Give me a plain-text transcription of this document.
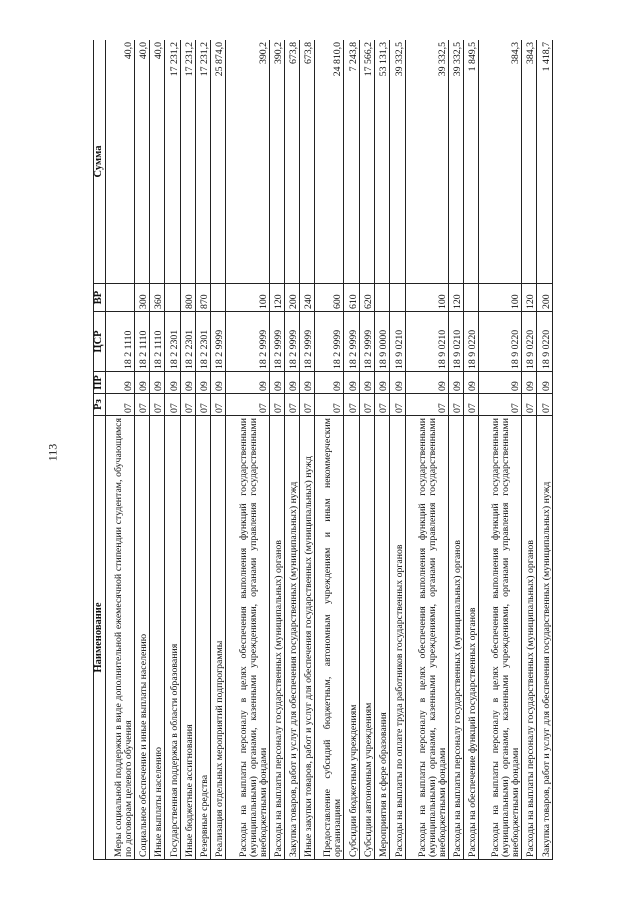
113
Наименование	Рз	ПР	ЦСР	ВР	Сумма
Меры социальной поддержки в виде дополнительной ежемесячной стипендии студентам, обучающимся по договорам целевого обучения	07	09	18 2 1110		40,0
Социальное обеспечение и иные выплаты населению	07	09	18 2 1110	300	40,0
Иные выплаты населению	07	09	18 2 1110	360	40,0
Государственная поддержка в области образования	07	09	18 2 2301		17 231,2
Иные бюджетные ассигнования	07	09	18 2 2301	800	17 231,2
Резервные средства	07	09	18 2 2301	870	17 231,2
Реализация отдельных мероприятий подпрограммы	07	09	18 2 9999		25 874,0
Расходы на выплаты персоналу в целях обеспечения выполнения функций государственными (муниципальными) органами, казенными учреждениями, органами управления государственными внебюджетными фондами	07	09	18 2 9999	100	390,2
Расходы на выплаты персоналу государственных (муниципальных) органов	07	09	18 2 9999	120	390,2
Закупка товаров, работ и услуг для обеспечения государственных (муниципальных) нужд	07	09	18 2 9999	200	673,8
Иные закупки товаров, работ и услуг для обеспечения государственных (муниципальных) нужд	07	09	18 2 9999	240	673,8
Предоставление субсидий бюджетным, автономным учреждениям и иным некоммерческим организациям	07	09	18 2 9999	600	24 810,0
Субсидии бюджетным учреждениям	07	09	18 2 9999	610	7 243,8
Субсидии автономным учреждениям	07	09	18 2 9999	620	17 566,2
Мероприятия в сфере образования	07	09	18 9 0000		53 131,3
Расходы на выплаты по оплате труда работников государственных органов	07	09	18 9 0210		39 332,5
Расходы на выплаты персоналу в целях обеспечения выполнения функций государственными (муниципальными) органами, казенными учреждениями, органами управления государственными внебюджетными фондами	07	09	18 9 0210	100	39 332,5
Расходы на выплаты персоналу государственных (муниципальных) органов	07	09	18 9 0210	120	39 332,5
Расходы на обеспечение функций государственных органов	07	09	18 9 0220		1 849,5
Расходы на выплаты персоналу в целях обеспечения выполнения функций государственными (муниципальными) органами, казенными учреждениями, органами управления государственными внебюджетными фондами	07	09	18 9 0220	100	384,3
Расходы на выплаты персоналу государственных (муниципальных) органов	07	09	18 9 0220	120	384,3
Закупка товаров, работ и услуг для обеспечения государственных (муниципальных) нужд	07	09	18 9 0220	200	1 418,7
